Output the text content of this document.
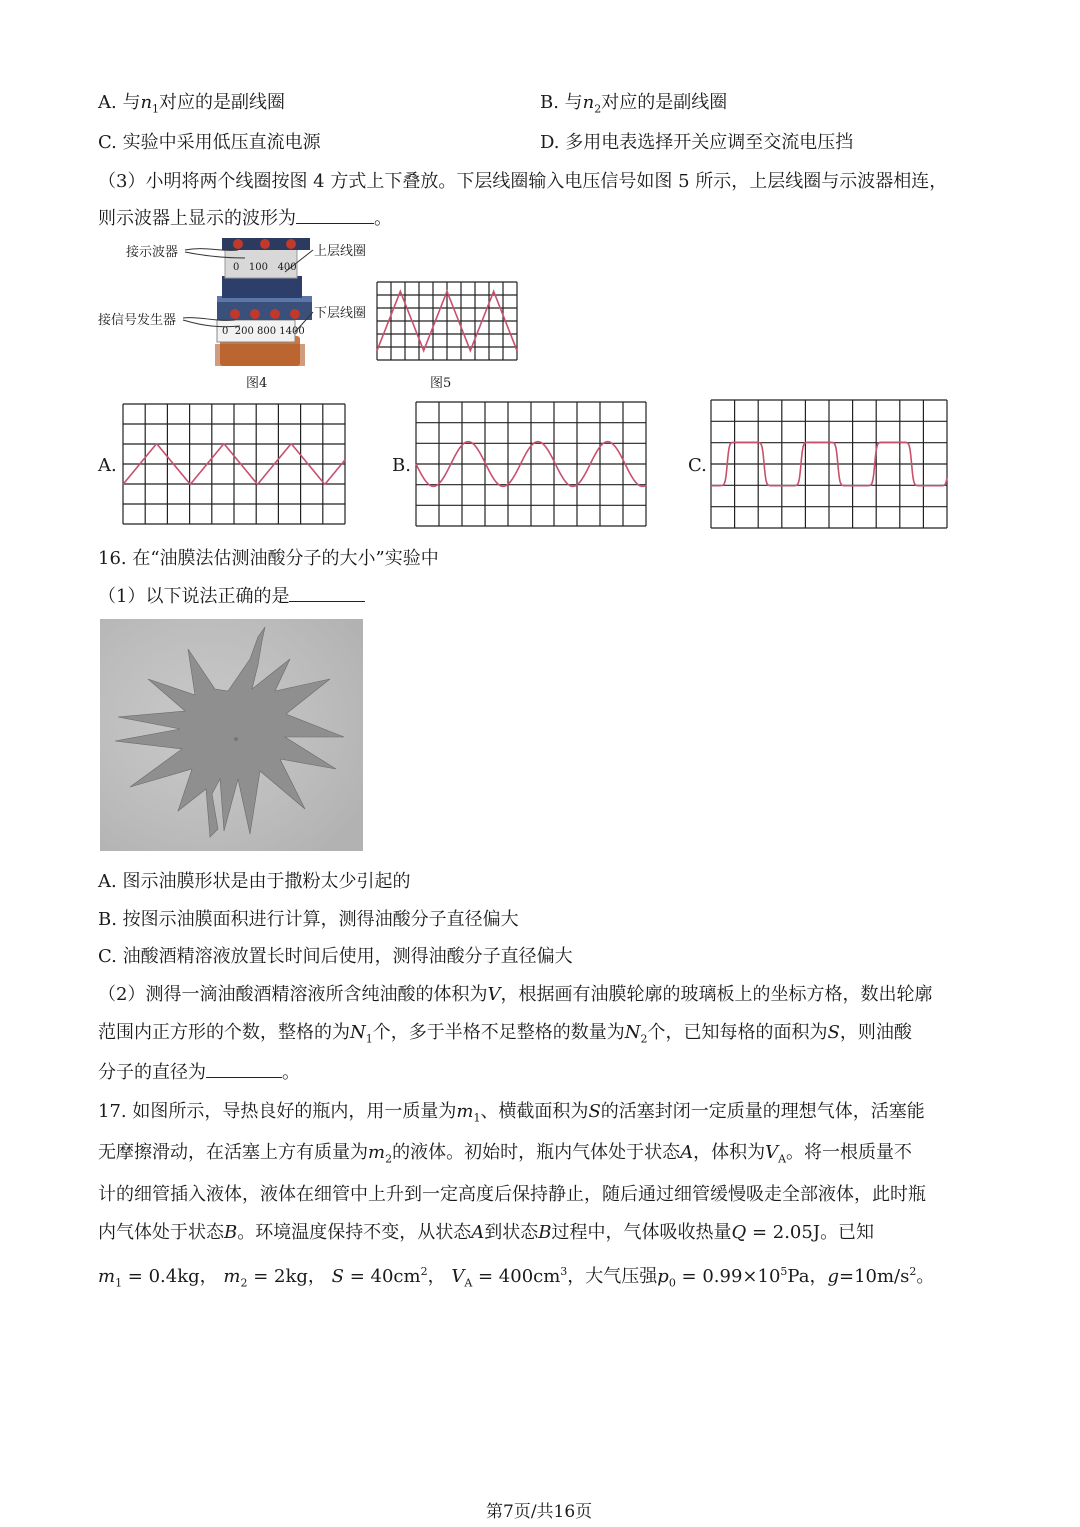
A. 与$n_1$对应的是副线圈	B. 与$n_2$对应的是副线圈
C. 实验中采用低压直流电源	D. 多用电表选择开关应调至交流电压挡
（3）小明将两个线圈按图 4 方式上下叠放。下层线圈输入电压信号如图 5 所示，上层线圈与示波器相连，
则示波器上显示的波形为	。
接示波器	上层线圈
接信号发生器	下层线圈
0 100 400
0 200 800 1400
图4	图5
A.	B.	C.
16. 在“油膜法估测油酸分子的大小”实验中
（1）以下说法正确的是
A. 图示油膜形状是由于撒粉太少引起的
B. 按图示油膜面积进行计算，测得油酸分子直径偏大
C. 油酸酒精溶液放置长时间后使用，测得油酸分子直径偏大
（2）测得一滴油酸酒精溶液所含纯油酸的体积为V，根据画有油膜轮廓的玻璃板上的坐标方格，数出轮廓
范围内正方形的个数，整格的为$N_1$个，多于半格不足整格的数量为$N_2$个，已知每格的面积为S，则油酸
分子的直径为	。
17. 如图所示，导热良好的瓶内，用一质量为$m_1$、横截面积为S的活塞封闭一定质量的理想气体，活塞能
无摩擦滑动，在活塞上方有质量为$m_2$的液体。初始时，瓶内气体处于状态A，体积为$V_A$。将一根质量不
计的细管插入液体，液体在细管中上升到一定高度后保持静止，随后通过细管缓慢吸走全部液体，此时瓶
内气体处于状态B。环境温度保持不变，从状态A到状态B过程中，气体吸收热量Q = 2.05J。已知
$m_1 = 0.4kg$， $m_2 = 2kg$， $S = 40cm^2$， $V_A = 400cm^3$，大气压强$p_0 = 0.99\times 10^5Pa$，$g=10m/s^2$。
第7页/共16页
